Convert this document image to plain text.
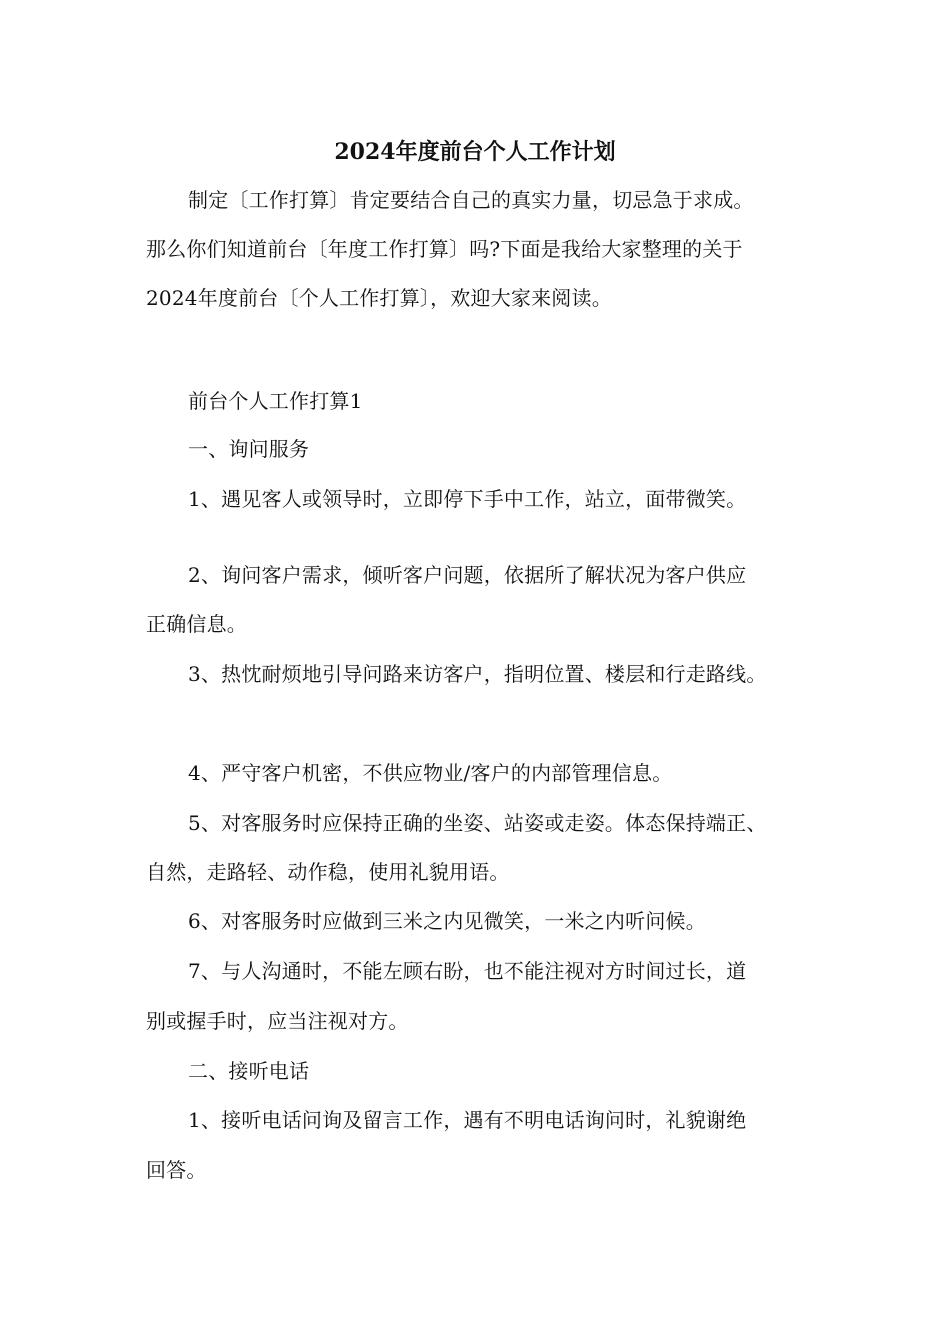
2024年度前台个人工作计划
制定〔工作打算〕肯定要结合自己的真实力量，切忌急于求成。
那么你们知道前台〔年度工作打算〕吗?下面是我给大家整理的关于
2024年度前台〔个人工作打算〕，欢迎大家来阅读。
前台个人工作打算1
一、询问服务
1、遇见客人或领导时，立即停下手中工作，站立，面带微笑。
2、询问客户需求，倾听客户问题，依据所了解状况为客户供应
正确信息。
3、热忱耐烦地引导问路来访客户，指明位置、楼层和行走路线。
4、严守客户机密，不供应物业/客户的内部管理信息。
5、对客服务时应保持正确的坐姿、站姿或走姿。体态保持端正、
自然，走路轻、动作稳，使用礼貌用语。
6、对客服务时应做到三米之内见微笑，一米之内听问候。
7、与人沟通时，不能左顾右盼，也不能注视对方时间过长，道
别或握手时，应当注视对方。
二、接听电话
1、接听电话问询及留言工作，遇有不明电话询问时，礼貌谢绝
回答。
